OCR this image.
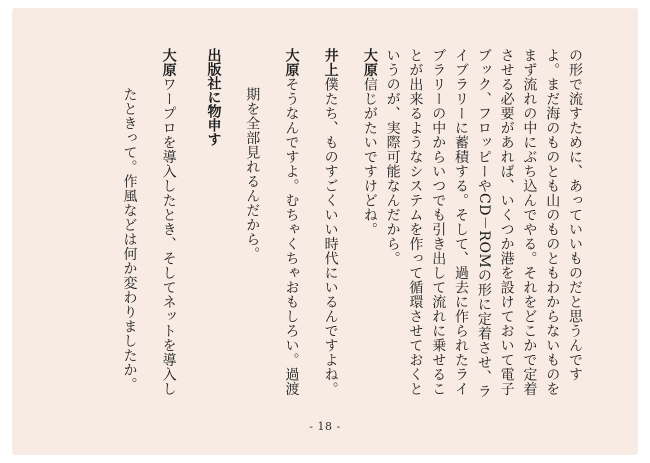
の形で流すために、あっていいものだと思うんですよ。まだ海のものとも山のものともわからないものをまず流れの中にぶち込んでやる。それをどこかで定着させる必要があれば、いくつか港を設けておいて電子ブック、フロッピーやCD－ROMの形に定着させ、ライブラリーに蓄積する。そして、過去に作られたライブラリーの中からいつでも引き出して流れに乗せることが出来るようなシステムを作って循環させておくというのが、実際可能なんだから。

大原信じがたいですけどね。

井上僕たち、ものすごくいい時代にいるんですよね。

大原そうなんですよ。むちゃくちゃおもしろい。過渡期を全部見れるんだから。

出版社に物申す

大原ワープロを導入したとき、そしてネットを導入したときって。作風などは何か変わりましたか。

- 18 -
